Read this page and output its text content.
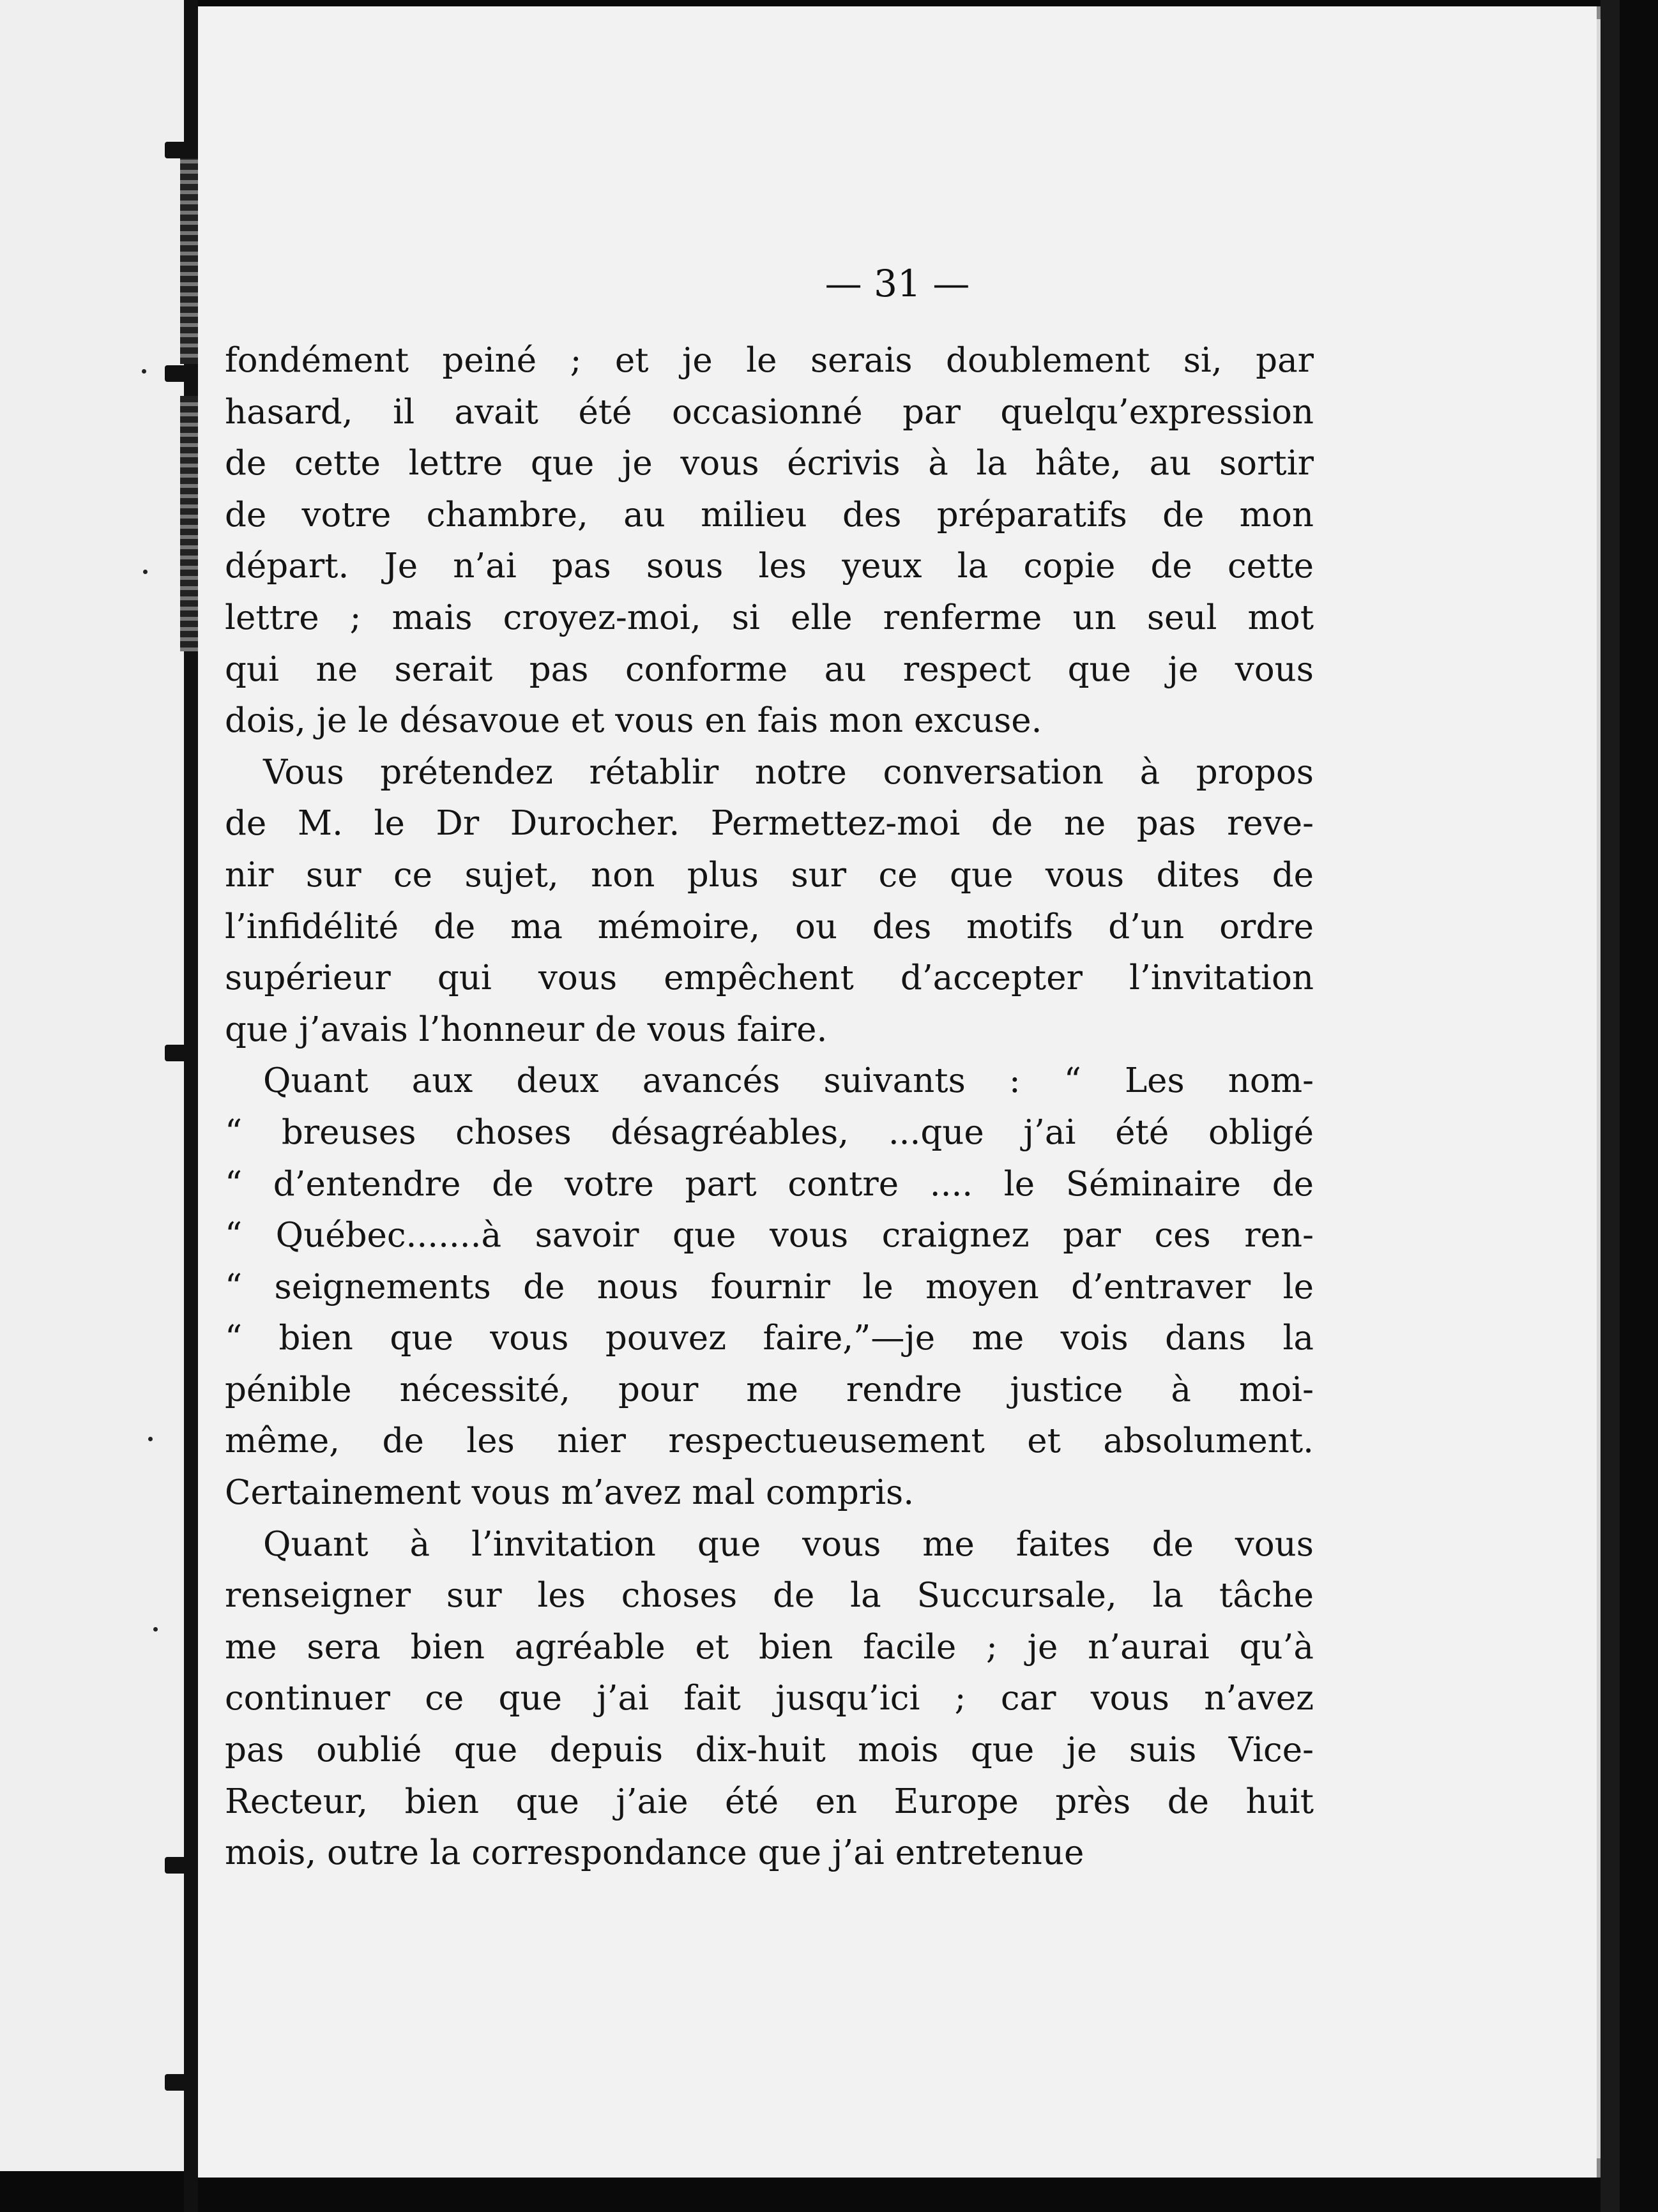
— 31 —
fondément peiné ; et je le serais doublement si, par
hasard, il avait été occasionné par quelqu’expression
de cette lettre que je vous écrivis à la hâte, au sortir
de votre chambre, au milieu des préparatifs de mon
départ. Je n’ai pas sous les yeux la copie de cette
lettre ; mais croyez-moi, si elle renferme un seul mot
qui ne serait pas conforme au respect que je vous
dois, je le désavoue et vous en fais mon excuse.
Vous prétendez rétablir notre conversation à propos
de M. le Dr Durocher. Permettez-moi de ne pas reve-
nir sur ce sujet, non plus sur ce que vous dites de
l’infidélité de ma mémoire, ou des motifs d’un ordre
supérieur qui vous empêchent d’accepter l’invitation
que j’avais l’honneur de vous faire.
Quant aux deux avancés suivants : “ Les nom-
“ breuses choses désagréables, ...que j’ai été obligé
“ d’entendre de votre part contre .... le Séminaire de
“ Québec.......à savoir que vous craignez par ces ren-
“ seignements de nous fournir le moyen d’entraver le
“ bien que vous pouvez faire,”—je me vois dans la
pénible nécessité, pour me rendre justice à moi-
même, de les nier respectueusement et absolument.
Certainement vous m’avez mal compris.
Quant à l’invitation que vous me faites de vous
renseigner sur les choses de la Succursale, la tâche
me sera bien agréable et bien facile ; je n’aurai qu’à
continuer ce que j’ai fait jusqu’ici ; car vous n’avez
pas oublié que depuis dix-huit mois que je suis Vice-
Recteur, bien que j’aie été en Europe près de huit
mois, outre la correspondance que j’ai entretenue
